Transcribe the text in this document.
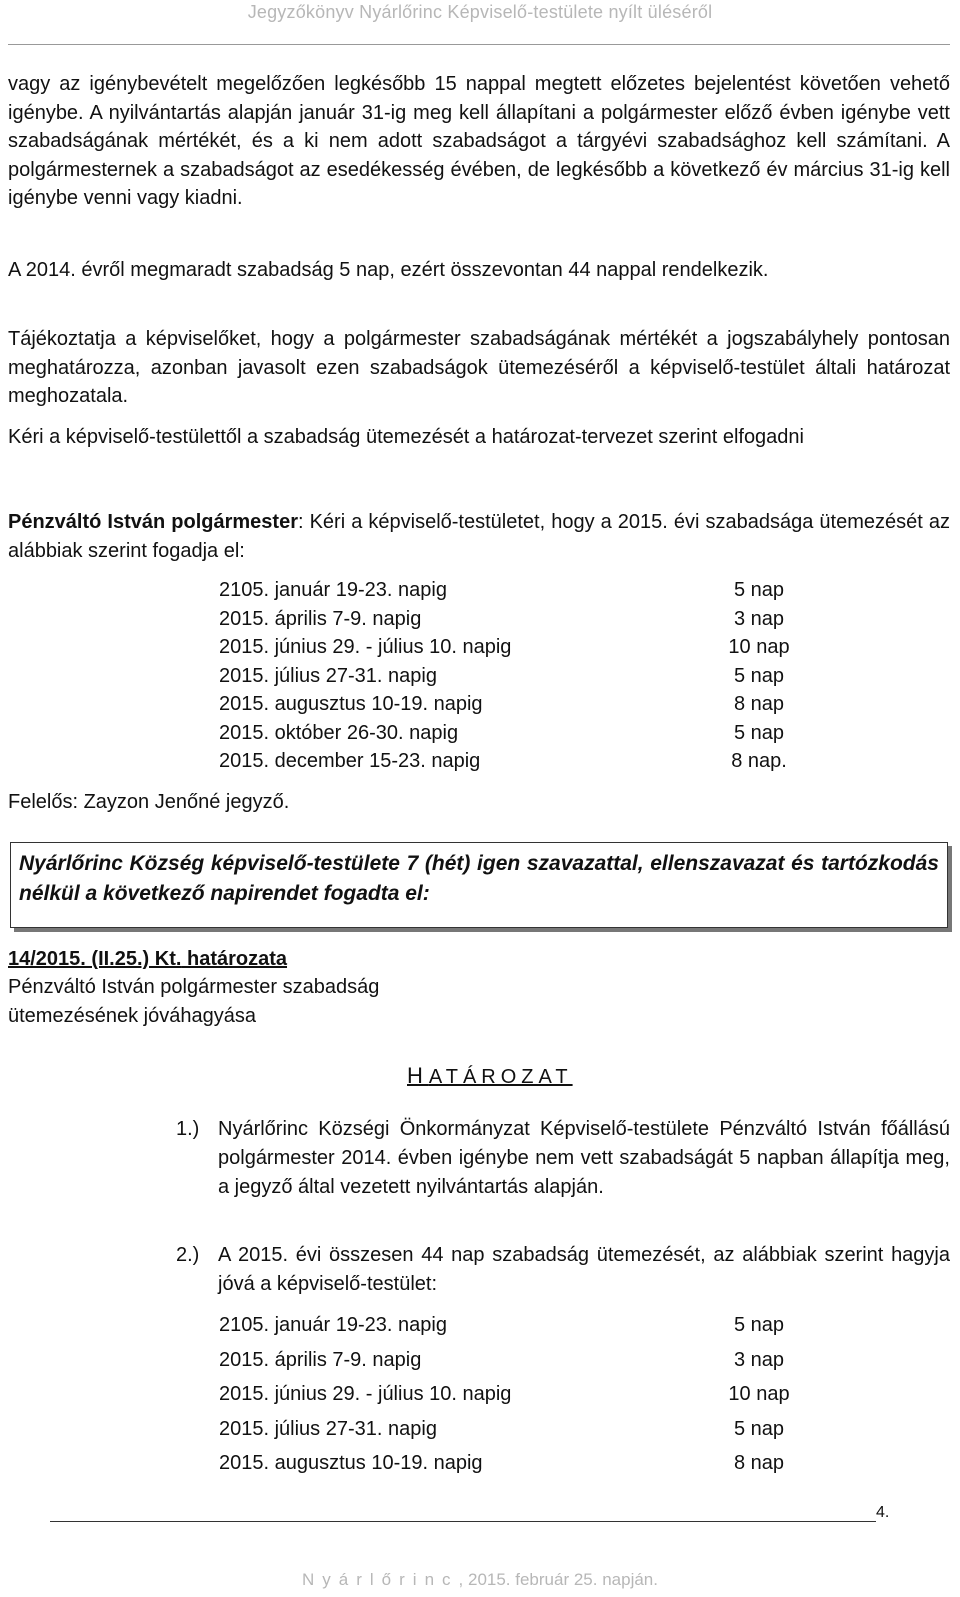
Jegyzőkönyv Nyárlőrinc Képviselő-testülete nyílt üléséről

vagy az igénybevételt megelőzően legkésőbb 15 nappal megtett előzetes bejelentést követően vehető igénybe. A nyilvántartás alapján január 31-ig meg kell állapítani a polgármester előző évben igénybe vett szabadságának mértékét, és a ki nem adott szabadságot a tárgyévi szabadsághoz kell számítani. A polgármesternek a szabadságot az esedékesség évében, de legkésőbb a következő év március 31-ig kell igénybe venni vagy kiadni.

A 2014. évről megmaradt szabadság 5 nap, ezért összevontan 44 nappal rendelkezik.

Tájékoztatja a képviselőket, hogy a polgármester szabadságának mértékét a jogszabályhely pontosan meghatározza, azonban javasolt ezen szabadságok ütemezéséről a képviselő-testület általi határozat meghozatala.

Kéri a képviselő-testülettől a szabadság ütemezését a határozat-tervezet szerint elfogadni

Pénzváltó István polgármester: Kéri a képviselő-testületet, hogy a 2015. évi szabadsága ütemezését az alábbiak szerint fogadja el:

2105. január 19-23. napig	5 nap
2015. április 7-9. napig	3 nap
2015. június 29. - július 10. napig	10 nap
2015. július 27-31. napig	5 nap
2015. augusztus 10-19. napig	8 nap
2015. október 26-30. napig	5 nap
2015. december 15-23. napig	8 nap.

Felelős: Zayzon Jenőné jegyző.

Nyárlőrinc Község képviselő-testülete 7 (hét) igen szavazattal, ellenszavazat és tartózkodás nélkül a következő napirendet fogadta el:

14/2015. (II.25.) Kt. határozata

Pénzváltó István polgármester szabadság

ütemezésének jóváhagyása

HATÁROZAT
1.) Nyárlőrinc Községi Önkormányzat Képviselő-testülete Pénzváltó István főállású polgármester 2014. évben igénybe nem vett szabadságát 5 napban állapítja meg, a jegyző által vezetett nyilvántartás alapján.
2.) A 2015. évi összesen 44 nap szabadság ütemezését, az alábbiak szerint hagyja jóvá a képviselő-testület:
2105. január 19-23. napig	5 nap
2015. április 7-9. napig	3 nap
2015. június 29. - július 10. napig	10 nap
2015. július 27-31. napig	5 nap
2015. augusztus 10-19. napig	8 nap
4.
Nyárlőrinc, 2015. február 25. napján.
